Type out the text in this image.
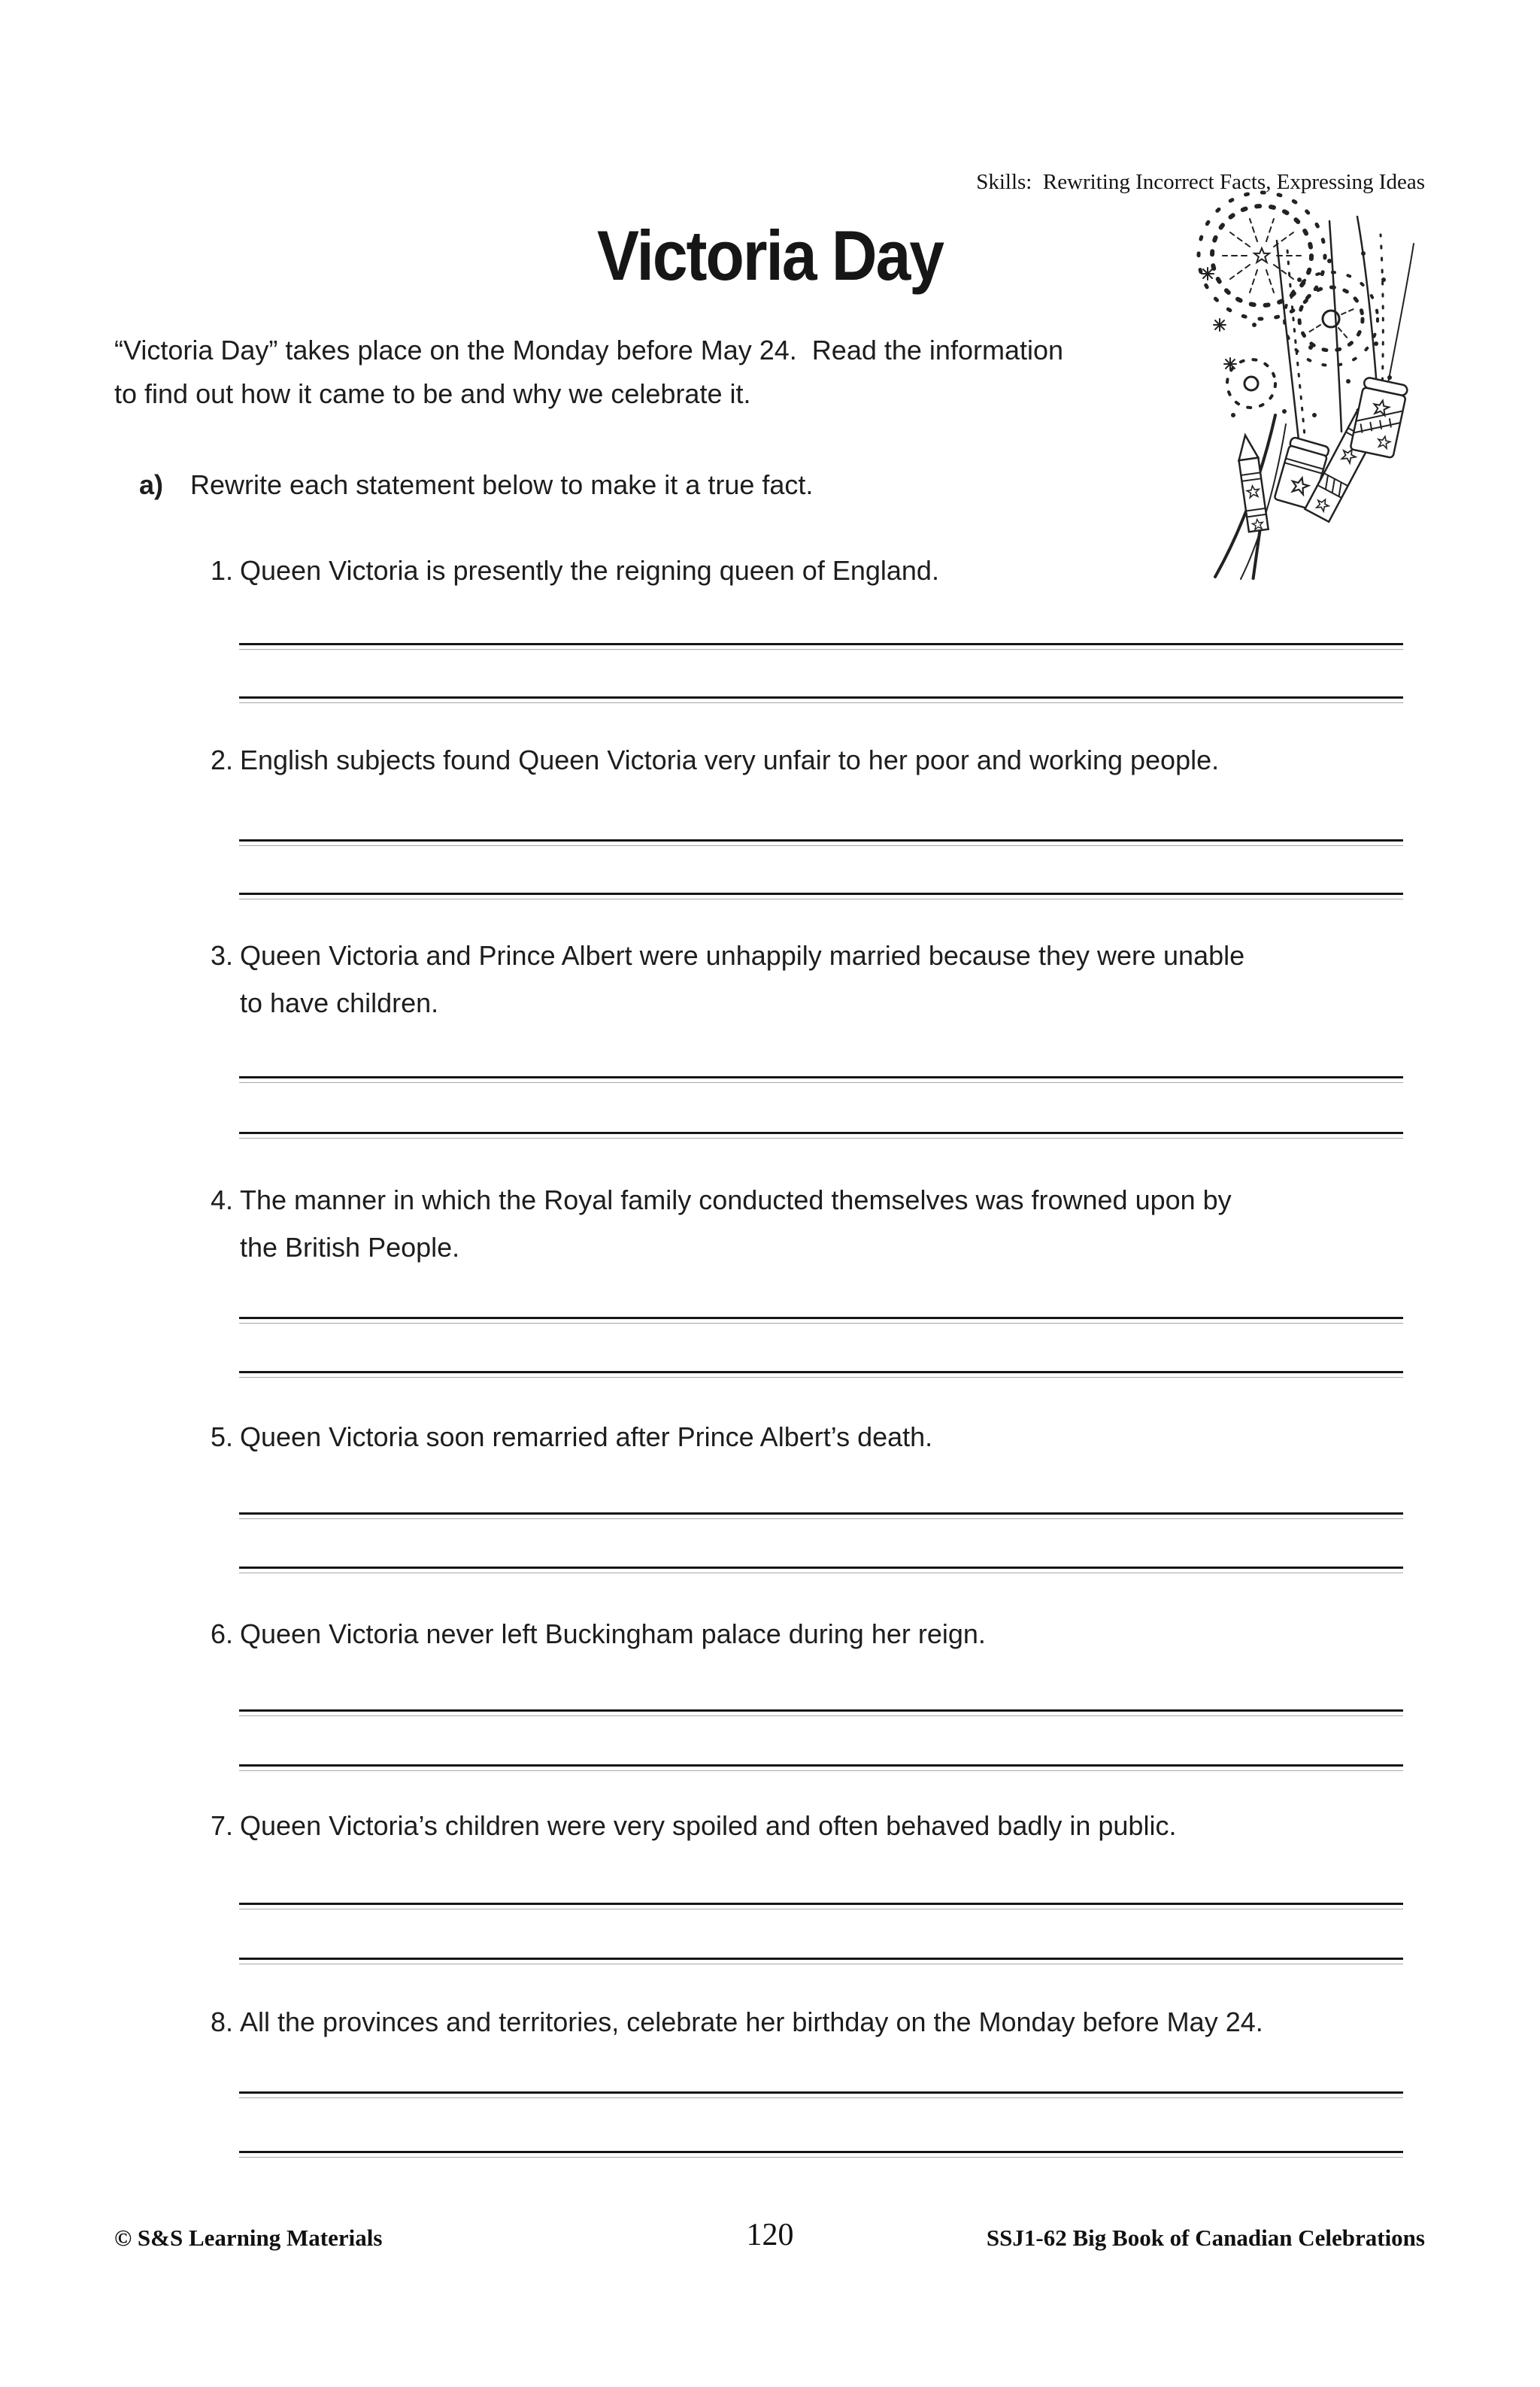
Skills:  Rewriting Incorrect Facts, Expressing Ideas
Victoria Day
“Victoria Day” takes place on the Monday before May 24.  Read the information
to find out how it came to be and why we celebrate it.
a) Rewrite each statement below to make it a true fact.
1. Queen Victoria is presently the reigning queen of England.
2. English subjects found Queen Victoria very unfair to her poor and working people.
3. Queen Victoria and Prince Albert were unhappily married because they were unable
to have children.
4. The manner in which the Royal family conducted themselves was frowned upon by
the British People.
5. Queen Victoria soon remarried after Prince Albert’s death.
6. Queen Victoria never left Buckingham palace during her reign.
7. Queen Victoria’s children were very spoiled and often behaved badly in public.
8. All the provinces and territories, celebrate her birthday on the Monday before May 24.
© S&S Learning Materials	120	SSJ1-62 Big Book of Canadian Celebrations
